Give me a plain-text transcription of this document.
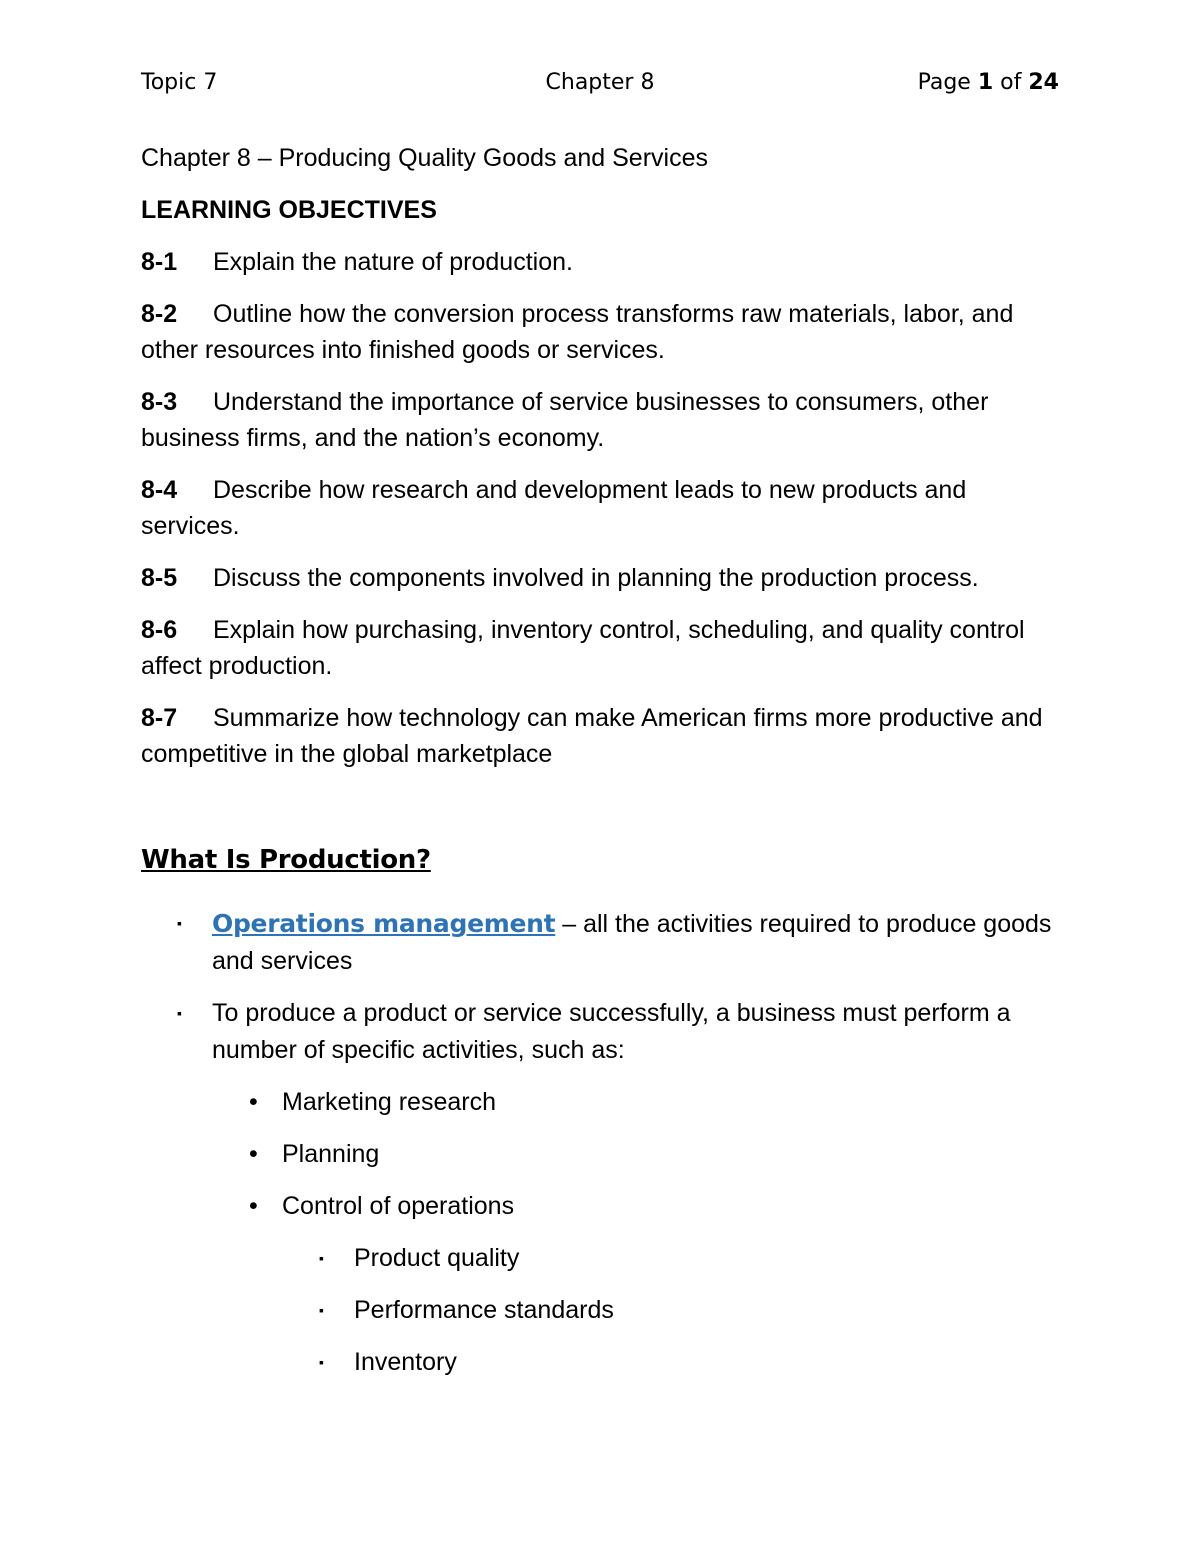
Topic 7	Chapter 8	Page 1 of 24

Chapter 8 – Producing Quality Goods and Services

LEARNING OBJECTIVES

8-1 Explain the nature of production.

8-2 Outline how the conversion process transforms raw materials, labor, and other resources into finished goods or services.

8-3 Understand the importance of service businesses to consumers, other business firms, and the nation’s economy.

8-4 Describe how research and development leads to new products and services.

8-5 Discuss the components involved in planning the production process.

8-6 Explain how purchasing, inventory control, scheduling, and quality control affect production.

8-7 Summarize how technology can make American firms more productive and competitive in the global marketplace

What Is Production?
▪ Operations management – all the activities required to produce goods and services
▪ To produce a product or service successfully, a business must perform a number of specific activities, such as:
• Marketing research
• Planning
• Control of operations
▪ Product quality
▪ Performance standards
▪ Inventory
